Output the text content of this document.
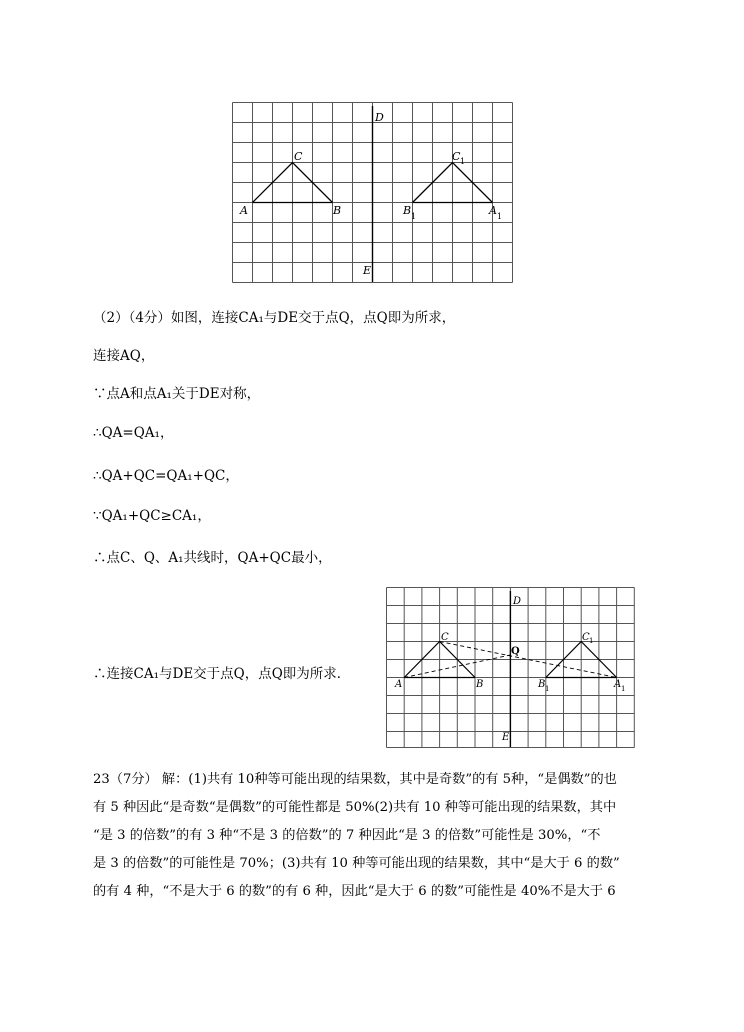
D
E
A	B
C
B 1	A 1
C 1
（2）（4分）如图，连接CA₁与DE交于点Q，点Q即为所求，
连接AQ，
∵点A和点A₁关于DE对称，
∴QA=QA₁，
∴QA+QC=QA₁+QC，
∵QA₁+QC≥CA₁，
∴点C、Q、A₁共线时，QA+QC最小，
∴连接CA₁与DE交于点Q，点Q即为所求．
D
E
A	B
C
Q
B 1	A 1
C 1
23（7分） 解：(1)共有 10种等可能出现的结果数，其中是奇数”的有 5种，“是偶数”的也
有 5 种因此“是奇数“是偶数”的可能性都是 50%(2)共有 10 种等可能出现的结果数，其中
“是 3 的倍数”的有 3 种“不是 3 的倍数”的 7 种因此“是 3 的倍数”可能性是 30%，“不
是 3 的倍数”的可能性是 70%；(3)共有 10 种等可能出现的结果数，其中“是大于 6 的数”
的有 4 种，“不是大于 6 的数”的有 6 种，因此“是大于 6 的数”可能性是 40%不是大于 6
